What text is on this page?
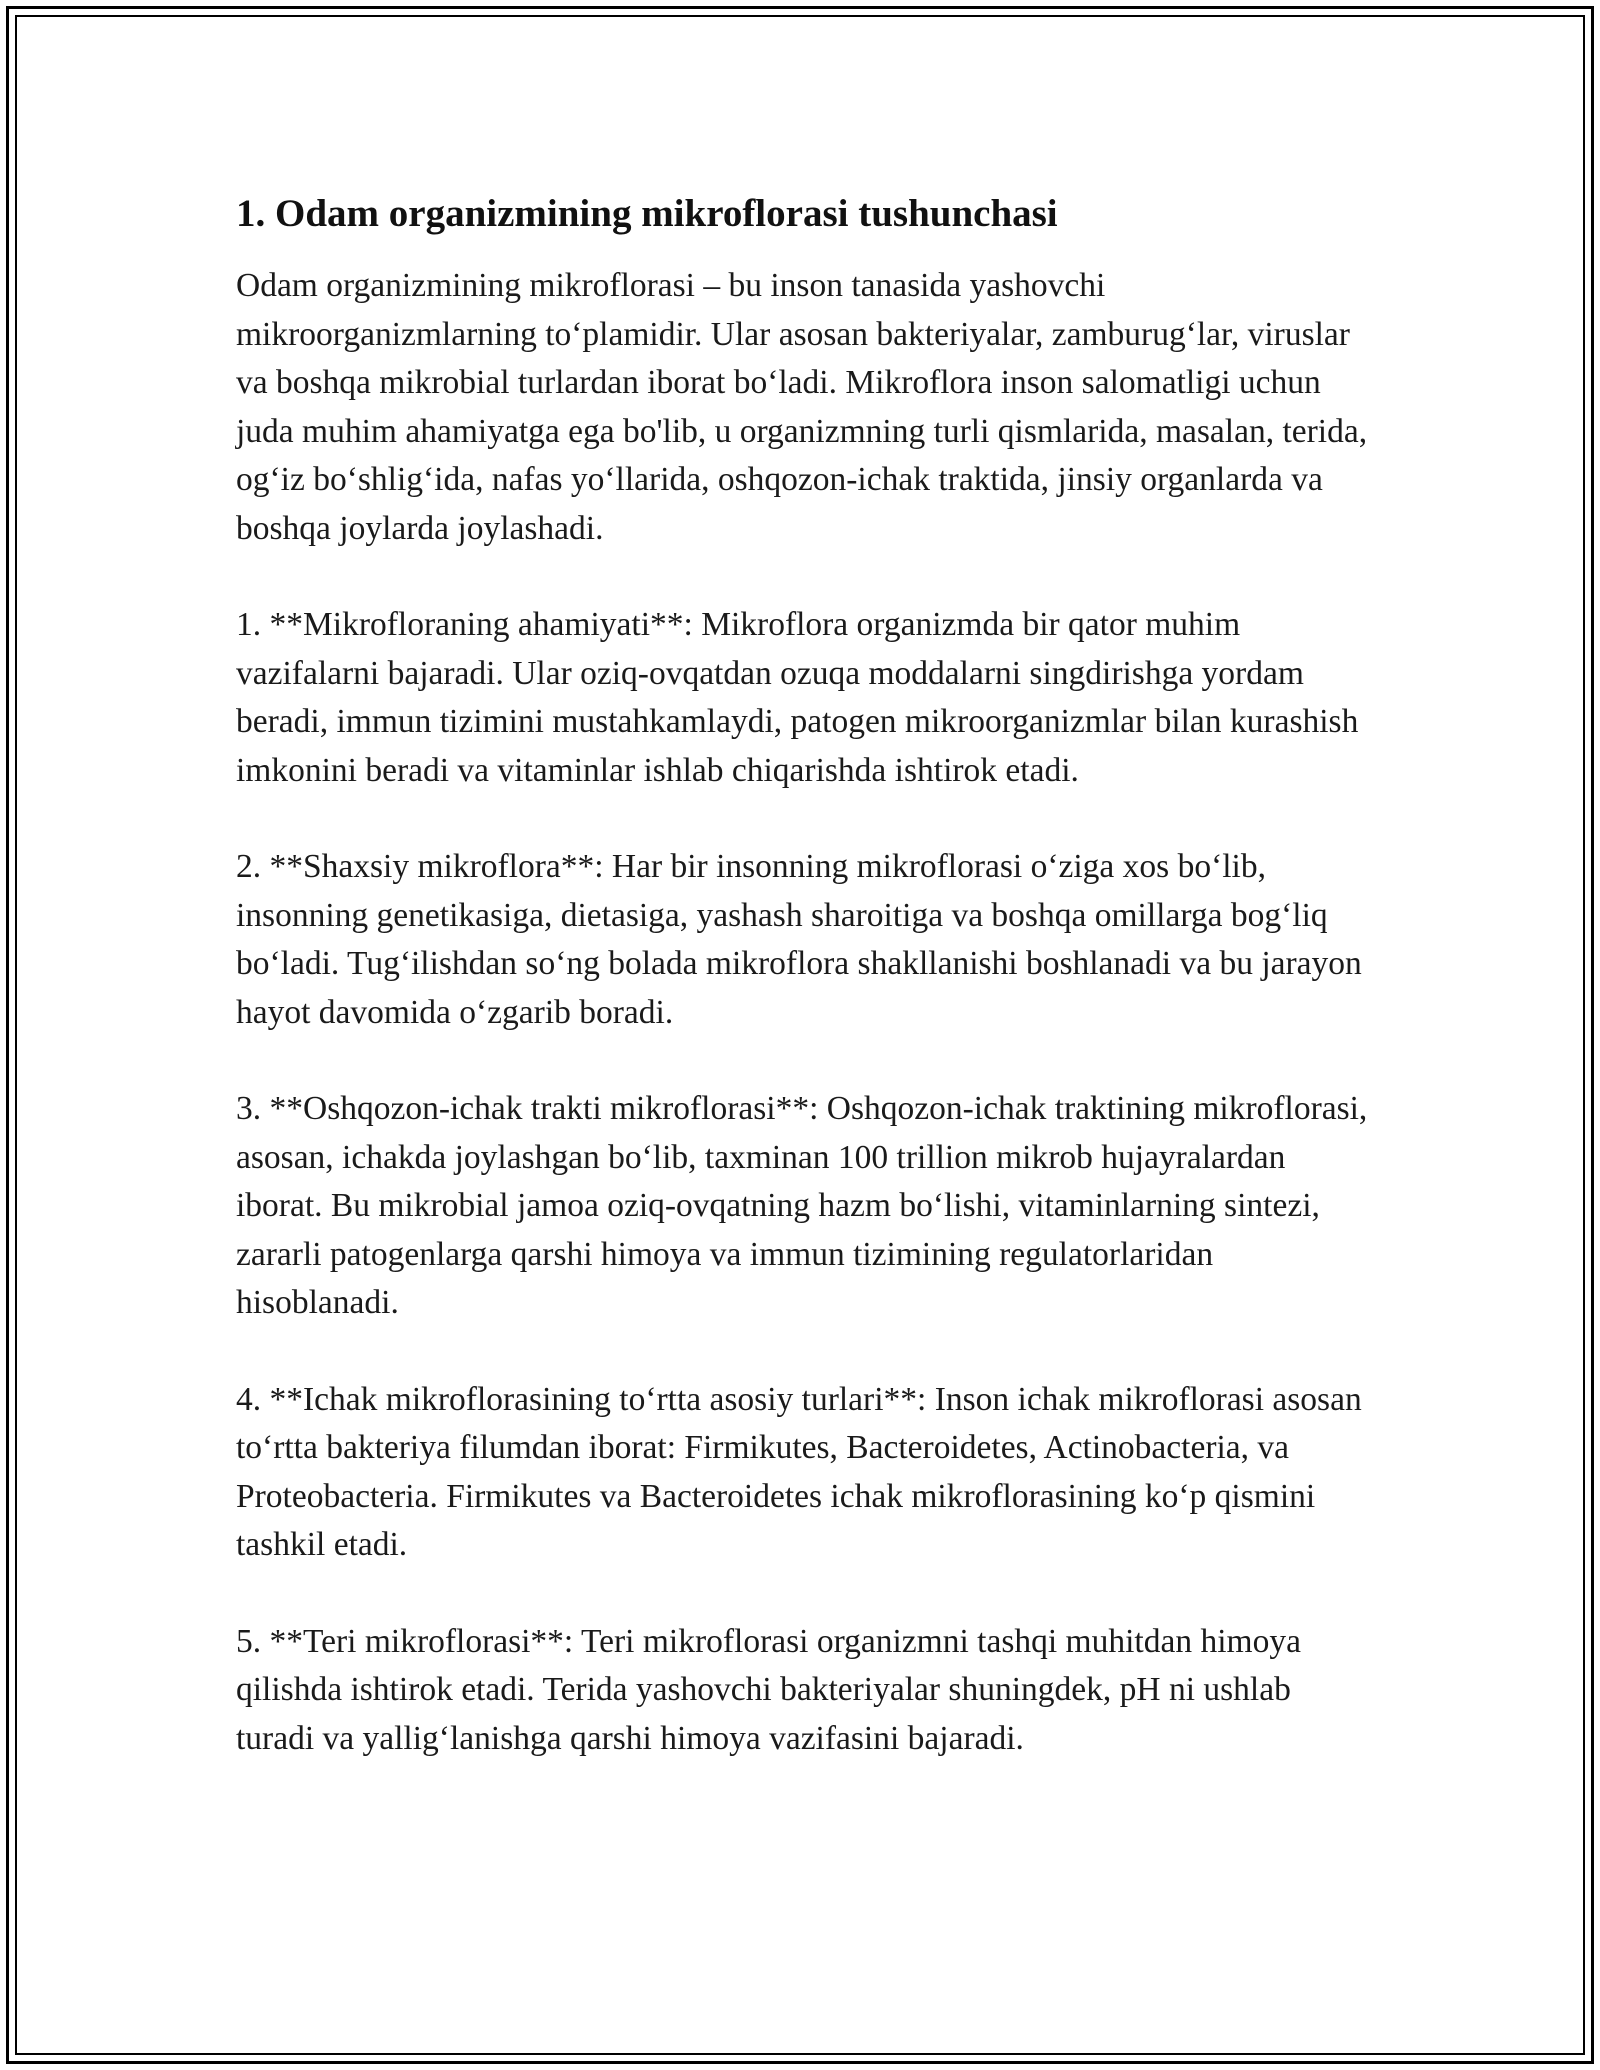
1. Odam organizmining mikroflorasi tushunchasi

Odam organizmining mikroflorasi – bu inson tanasida yashovchi mikroorganizmlarning to‘plamidir. Ular asosan bakteriyalar, zamburug‘lar, viruslar va boshqa mikrobial turlardan iborat bo‘ladi. Mikroflora inson salomatligi uchun juda muhim ahamiyatga ega bo'lib, u organizmning turli qismlarida, masalan, terida, og‘iz bo‘shlig‘ida, nafas yo‘llarida, oshqozon-ichak traktida, jinsiy organlarda va boshqa joylarda joylashadi.

1. **Mikrofloraning ahamiyati**: Mikroflora organizmda bir qator muhim vazifalarni bajaradi. Ular oziq-ovqatdan ozuqa moddalarni singdirishga yordam beradi, immun tizimini mustahkamlaydi, patogen mikroorganizmlar bilan kurashish imkonini beradi va vitaminlar ishlab chiqarishda ishtirok etadi.

2. **Shaxsiy mikroflora**: Har bir insonning mikroflorasi o‘ziga xos bo‘lib, insonning genetikasiga, dietasiga, yashash sharoitiga va boshqa omillarga bog‘liq bo‘ladi. Tug‘ilishdan so‘ng bolada mikroflora shakllanishi boshlanadi va bu jarayon hayot davomida o‘zgarib boradi.

3. **Oshqozon-ichak trakti mikroflorasi**: Oshqozon-ichak traktining mikroflorasi, asosan, ichakda joylashgan bo‘lib, taxminan 100 trillion mikrob hujayralardan iborat. Bu mikrobial jamoa oziq-ovqatning hazm bo‘lishi, vitaminlarning sintezi, zararli patogenlarga qarshi himoya va immun tizimining regulatorlaridan hisoblanadi.

4. **Ichak mikroflorasining to‘rtta asosiy turlari**: Inson ichak mikroflorasi asosan to‘rtta bakteriya filumdan iborat: Firmikutes, Bacteroidetes, Actinobacteria, va Proteobacteria. Firmikutes va Bacteroidetes ichak mikroflorasining ko‘p qismini tashkil etadi.

5. **Teri mikroflorasi**: Teri mikroflorasi organizmni tashqi muhitdan himoya qilishda ishtirok etadi. Terida yashovchi bakteriyalar shuningdek, pH ni ushlab turadi va yallig‘lanishga qarshi himoya vazifasini bajaradi.
